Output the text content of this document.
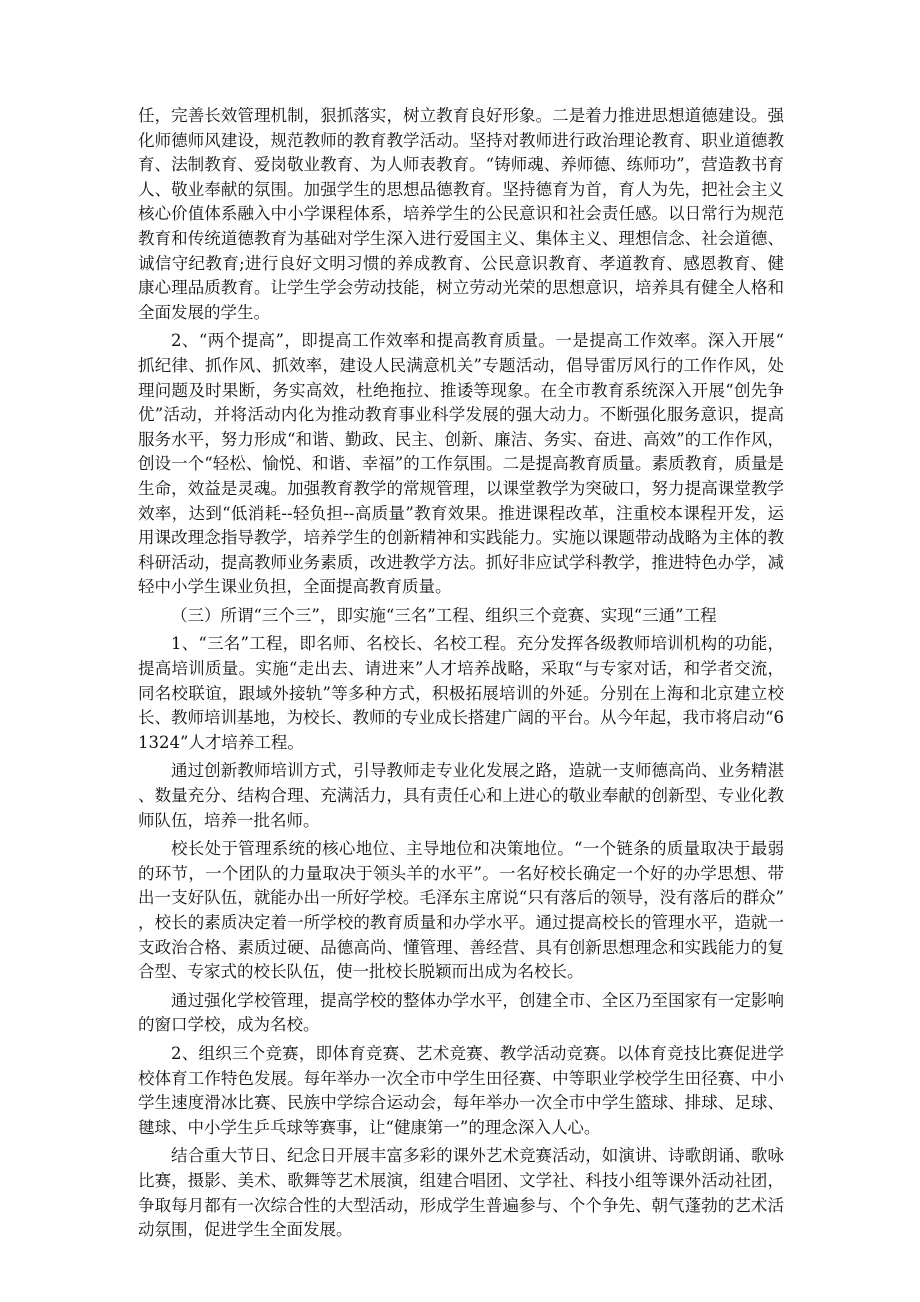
任，完善长效管理机制，狠抓落实，树立教育良好形象。二是着力推进思想道德建设。强化师德师风建设，规范教师的教育教学活动。坚持对教师进行政治理论教育、职业道德教育、法制教育、爱岗敬业教育、为人师表教育。“铸师魂、养师德、练师功”，营造教书育人、敬业奉献的氛围。加强学生的思想品德教育。坚持德育为首，育人为先，把社会主义核心价值体系融入中小学课程体系，培养学生的公民意识和社会责任感。以日常行为规范教育和传统道德教育为基础对学生深入进行爱国主义、集体主义、理想信念、社会道德、诚信守纪教育;进行良好文明习惯的养成教育、公民意识教育、孝道教育、感恩教育、健康心理品质教育。让学生学会劳动技能，树立劳动光荣的思想意识，培养具有健全人格和全面发展的学生。

2、“两个提高”，即提高工作效率和提高教育质量。一是提高工作效率。深入开展“抓纪律、抓作风、抓效率，建设人民满意机关”专题活动，倡导雷厉风行的工作作风，处理问题及时果断，务实高效，杜绝拖拉、推诿等现象。在全市教育系统深入开展“创先争优”活动，并将活动内化为推动教育事业科学发展的强大动力。不断强化服务意识，提高服务水平，努力形成“和谐、勤政、民主、创新、廉洁、务实、奋进、高效”的工作作风，创设一个“轻松、愉悦、和谐、幸福”的工作氛围。二是提高教育质量。素质教育，质量是生命，效益是灵魂。加强教育教学的常规管理，以课堂教学为突破口，努力提高课堂教学效率，达到“低消耗--轻负担--高质量”教育效果。推进课程改革，注重校本课程开发，运用课改理念指导教学，培养学生的创新精神和实践能力。实施以课题带动战略为主体的教科研活动，提高教师业务素质，改进教学方法。抓好非应试学科教学，推进特色办学，减轻中小学生课业负担，全面提高教育质量。

（三）所谓“三个三”，即实施“三名”工程、组织三个竞赛、实现“三通”工程

1、“三名”工程，即名师、名校长、名校工程。充分发挥各级教师培训机构的功能，提高培训质量。实施“走出去、请进来”人才培养战略，采取“与专家对话，和学者交流，同名校联谊，跟域外接轨”等多种方式，积极拓展培训的外延。分别在上海和北京建立校长、教师培训基地，为校长、教师的专业成长搭建广阔的平台。从今年起，我市将启动“61324”人才培养工程。

通过创新教师培训方式，引导教师走专业化发展之路，造就一支师德高尚、业务精湛、数量充分、结构合理、充满活力，具有责任心和上进心的敬业奉献的创新型、专业化教师队伍，培养一批名师。

校长处于管理系统的核心地位、主导地位和决策地位。“一个链条的质量取决于最弱的环节，一个团队的力量取决于领头羊的水平”。一名好校长确定一个好的办学思想、带出一支好队伍，就能办出一所好学校。毛泽东主席说“只有落后的领导，没有落后的群众”，校长的素质决定着一所学校的教育质量和办学水平。通过提高校长的管理水平，造就一支政治合格、素质过硬、品德高尚、懂管理、善经营、具有创新思想理念和实践能力的复合型、专家式的校长队伍，使一批校长脱颖而出成为名校长。

通过强化学校管理，提高学校的整体办学水平，创建全市、全区乃至国家有一定影响的窗口学校，成为名校。

2、组织三个竞赛，即体育竞赛、艺术竞赛、教学活动竞赛。以体育竞技比赛促进学校体育工作特色发展。每年举办一次全市中学生田径赛、中等职业学校学生田径赛、中小学生速度滑冰比赛、民族中学综合运动会，每年举办一次全市中学生篮球、排球、足球、毽球、中小学生乒乓球等赛事，让“健康第一”的理念深入人心。

结合重大节日、纪念日开展丰富多彩的课外艺术竞赛活动，如演讲、诗歌朗诵、歌咏比赛，摄影、美术、歌舞等艺术展演，组建合唱团、文学社、科技小组等课外活动社团，争取每月都有一次综合性的大型活动，形成学生普遍参与、个个争先、朝气蓬勃的艺术活动氛围，促进学生全面发展。
